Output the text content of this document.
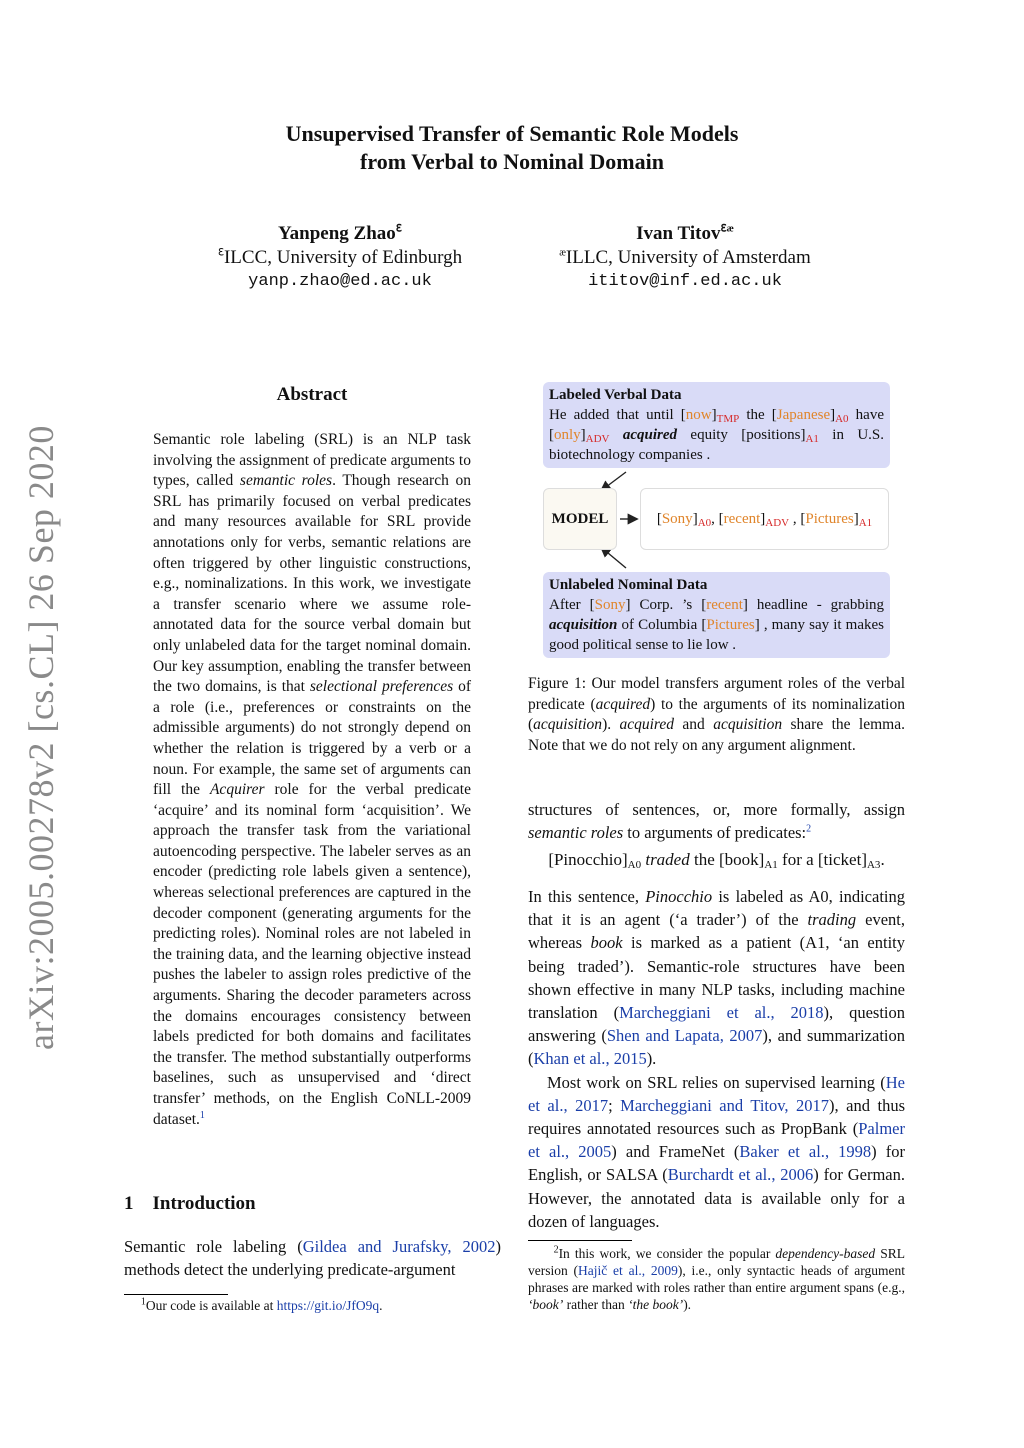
arXiv:2005.00278v2 [cs.CL] 26 Sep 2020
Unsupervised Transfer of Semantic Role Models
from Verbal to Nominal Domain
Yanpeng Zhao$^ℇ$
$^ℇ$ILCC, University of Edinburgh
yanp.zhao@ed.ac.uk
Ivan Titov$^{ℇæ}$
$^æ$ILLC, University of Amsterdam
ititov@inf.ed.ac.uk
Abstract
Semantic role labeling (SRL) is an NLP task involving the assignment of predicate arguments to types, called semantic roles. Though research on SRL has primarily focused on verbal predicates and many resources available for SRL provide annotations only for verbs, semantic relations are often triggered by other linguistic constructions, e.g., nominalizations. In this work, we investigate a transfer scenario where we assume role-annotated data for the source verbal domain but only unlabeled data for the target nominal domain. Our key assumption, enabling the transfer between the two domains, is that selectional preferences of a role (i.e., preferences or constraints on the admissible arguments) do not strongly depend on whether the relation is triggered by a verb or a noun. For example, the same set of arguments can fill the Acquirer role for the verbal predicate ‘acquire’ and its nominal form ‘acquisition’. We approach the transfer task from the variational autoencoding perspective. The labeler serves as an encoder (predicting role labels given a sentence), whereas selectional preferences are captured in the decoder component (generating arguments for the predicting roles). Nominal roles are not labeled in the training data, and the learning objective instead pushes the labeler to assign roles predictive of the arguments. Sharing the decoder parameters across the domains encourages consistency between labels predicted for both domains and facilitates the transfer. The method substantially outperforms baselines, such as unsupervised and ‘direct transfer’ methods, on the English CoNLL-2009 dataset.$^1$
1 Introduction
Semantic role labeling (Gildea and Jurafsky, 2002) methods detect the underlying predicate-argument
$^1$Our code is available at https://git.io/JfO9q.
Labeled Verbal Data
He added that until $[now]_{TMP}$ the $[Japanese]_{A0}$ have $[only]_{ADV}$ acquired equity $[positions]_{A1}$ in U.S. biotechnology companies .
MODEL	$[Sony]_{A0}$, $[recent]_{ADV}$ , $[Pictures]_{A1}$
Unlabeled Nominal Data
After [Sony] Corp. ’s [recent] headline - grabbing acquisition of Columbia [Pictures] , many say it makes good political sense to lie low .
Figure 1: Our model transfers argument roles of the verbal predicate (acquired) to the arguments of its nominalization (acquisition). acquired and acquisition share the lemma. Note that we do not rely on any argument alignment.
structures of sentences, or, more formally, assign semantic roles to arguments of predicates:$^2$
$[Pinocchio]_{A0}$ traded the $[book]_{A1}$ for a $[ticket]_{A3}$.

In this sentence, Pinocchio is labeled as A0, indicating that it is an agent (‘a trader’) of the trading event, whereas book is marked as a patient (A1, ‘an entity being traded’). Semantic-role structures have been shown effective in many NLP tasks, including machine translation (Marcheggiani et al., 2018), question answering (Shen and Lapata, 2007), and summarization (Khan et al., 2015).

Most work on SRL relies on supervised learning (He et al., 2017; Marcheggiani and Titov, 2017), and thus requires annotated resources such as PropBank (Palmer et al., 2005) and FrameNet (Baker et al., 1998) for English, or SALSA (Burchardt et al., 2006) for German. However, the annotated data is available only for a dozen of languages.

$^2$In this work, we consider the popular dependency-based SRL version (Hajič et al., 2009), i.e., only syntactic heads of argument phrases are marked with roles rather than entire argument spans (e.g., ‘book’ rather than ‘the book’).
